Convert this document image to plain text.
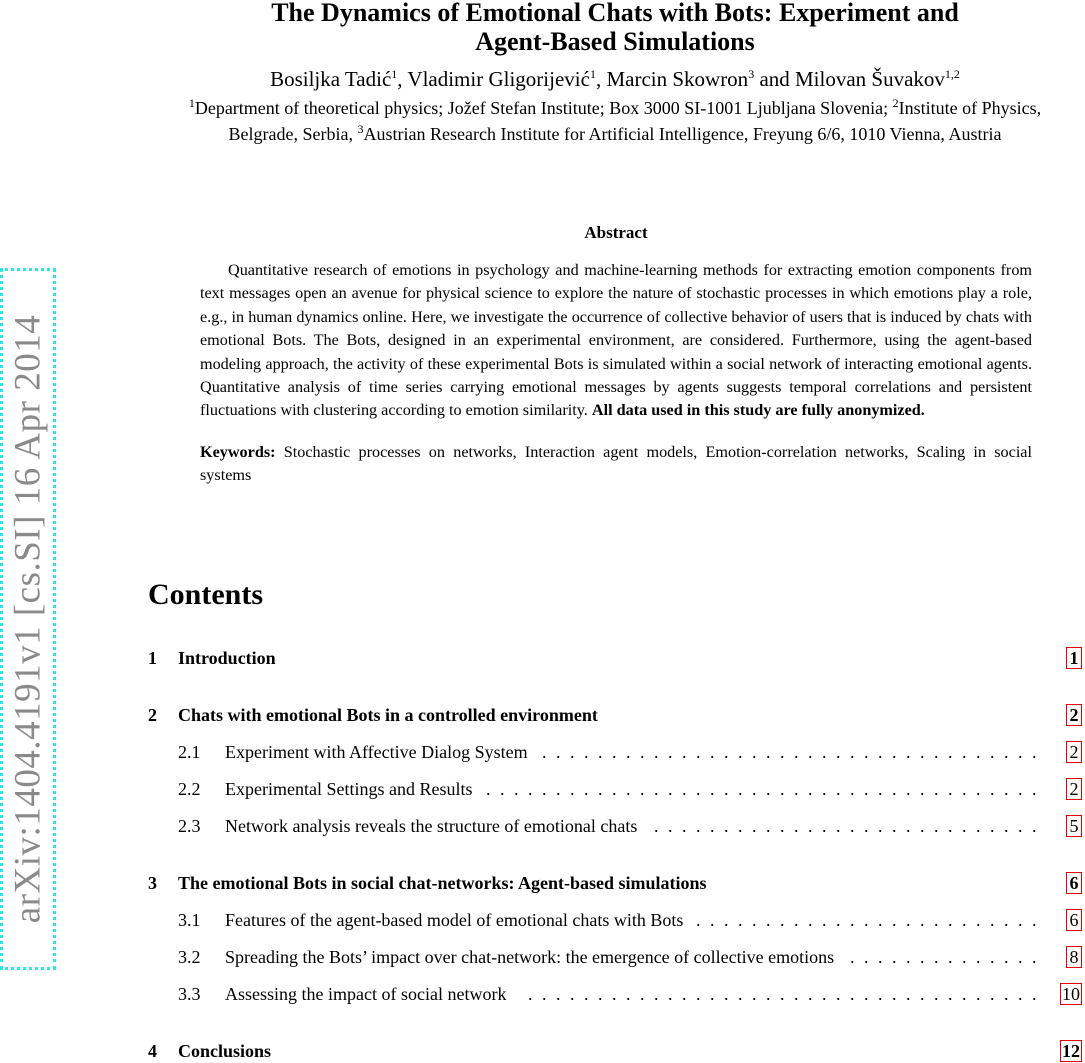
The Dynamics of Emotional Chats with Bots: Experiment and
Agent-Based Simulations
Bosiljka Tadić$^1$, Vladimir Gligorijević$^1$, Marcin Skowron$^3$ and Milovan Šuvakov$^{1,2}$
$^1$Department of theoretical physics; Jožef Stefan Institute; Box 3000 SI-1001 Ljubljana Slovenia; $^2$Institute of Physics, Belgrade, Serbia, $^3$Austrian Research Institute for Artificial Intelligence, Freyung 6/6, 1010 Vienna, Austria
Abstract
Quantitative research of emotions in psychology and machine-learning methods for extracting emotion components from text messages open an avenue for physical science to explore the nature of stochastic processes in which emotions play a role, e.g., in human dynamics online. Here, we investigate the occurrence of collective behavior of users that is induced by chats with emotional Bots. The Bots, designed in an experimental environment, are considered. Furthermore, using the agent-based modeling approach, the activity of these experimental Bots is simulated within a social network of interacting emotional agents. Quantitative analysis of time series carrying emotional messages by agents suggests temporal correlations and persistent fluctuations with clustering according to emotion similarity. All data used in this study are fully anonymized.
Keywords: Stochastic processes on networks, Interaction agent models, Emotion-correlation networks, Scaling in social systems
arXiv:1404.4191v1 [cs.SI] 16 Apr 2014	Contents
1 Introduction	1
2 Chats with emotional Bots in a controlled environment	2
2.1 Experiment with Affective Dialog System .................................... 2
2.2 Experimental Settings and Results ........................................ 2
2.3 Network analysis reveals the structure of emotional chats ............................ 5
3 The emotional Bots in social chat-networks: Agent-based simulations	6
3.1 Features of the agent-based model of emotional chats with Bots ......................... 6
3.2 Spreading the Bots’ impact over chat-network: the emergence of collective emotions .............. 8
3.3 Assessing the impact of social network ..................................... 10
4 Conclusions	12
